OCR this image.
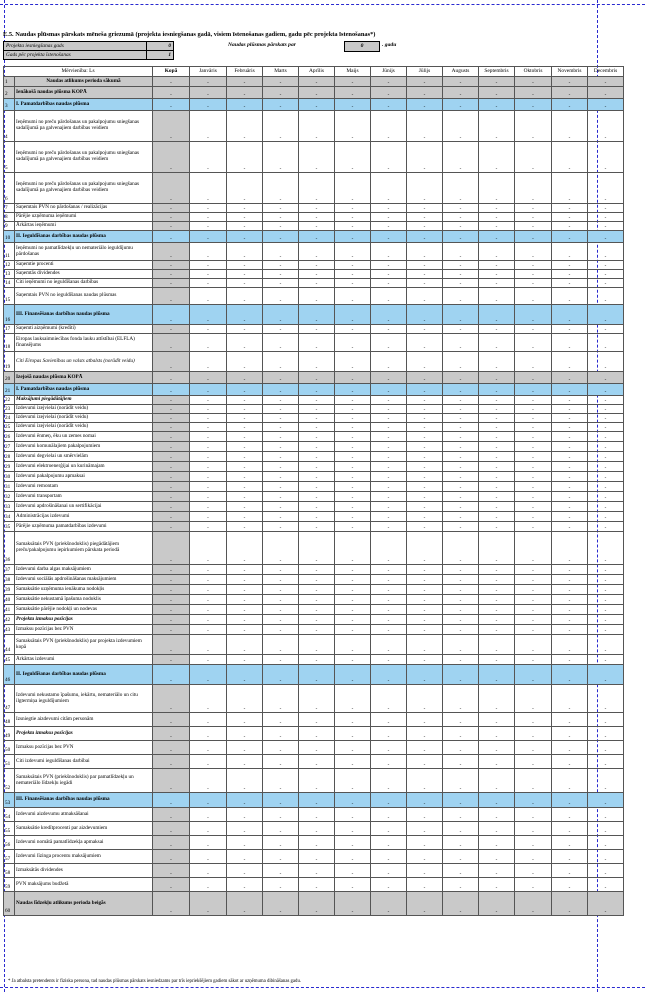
E.5. Naudas plūsmas pārskats mēneša griezumā (projekta iesniegšanas gadā, visiem īstenošanas gadiem, gadu pēc projekta īstenošanas*)
Projekta iesniegšanas gads	0
Gads pēc projekta īstenošanas	1
Naudas plūsmas pārskats par	0	. gadu
Mērvienība: Ls		Kopā	Janvāris	Februāris	Marts	Aprīlis	Maijs	Jūnijs	Jūlijs	Augusts	Septembris	Oktobris	Novembris	Decembris
1	Naudas atlikums perioda sākumā	-	-	-	-	-	-	-	-	-	-	-	-	-
2	Ienākošā naudas plūsma KOPĀ	-	-	-	-	-	-	-	-	-	-	-	-	-
3	I. Pamatdarbības naudas plūsma	-	-	-	-	-	-	-	-	-	-	-	-	-
4	Ieņēmumi no preču pārdošanas un pakalpojumu sniegšanas sadalījumā pa galvenajiem darbības veidiem	-	-	-	-	-	-	-	-	-	-	-	-	-
5	Ieņēmumi no preču pārdošanas un pakalpojumu sniegšanas sadalījumā pa galvenajiem darbības veidiem	-	-	-	-	-	-	-	-	-	-	-	-	-
6	Ieņēmumi no preču pārdošanas un pakalpojumu sniegšanas sadalījumā pa galvenajiem darbības veidiem	-	-	-	-	-	-	-	-	-	-	-	-	-
7	Saņemtais PVN no pārdošanas / realizācijas	-	-	-	-	-	-	-	-	-	-	-	-	-
8	Pārējie uzņēmuma ieņēmumi	-	-	-	-	-	-	-	-	-	-	-	-	-
9	Ārkārtas ieņēmumi	-	-	-	-	-	-	-	-	-	-	-	-	-
10	II. Ieguldīšanas darbības naudas plūsma	-	-	-	-	-	-	-	-	-	-	-	-	-
11	Ieņēmumi no pamatlīdzekļu un nemateriālo ieguldījumu pārdošanas	-	-	-	-	-	-	-	-	-	-	-	-	-
12	Saņemtie procenti	-	-	-	-	-	-	-	-	-	-	-	-	-
13	Saņemtās dividendes	-	-	-	-	-	-	-	-	-	-	-	-	-
14	Citi ieņēmumi no ieguldīšanas darbības	-	-	-	-	-	-	-	-	-	-	-	-	-
15	Saņemtais PVN no ieguldīšanas naudas plūsmas	-	-	-	-	-	-	-	-	-	-	-	-	-
16	III. Finansēšanas darbības naudas plūsma	-	-	-	-	-	-	-	-	-	-	-	-	-
17	Saņemti aizņēmumi (kredīti)	-	-	-	-	-	-	-	-	-	-	-	-	-
18	Eiropas lauksaimniecības fonda lauku attīstībai (ELFLA) finansējums	-	-	-	-	-	-	-	-	-	-	-	-	-
19	Citi Eiropas Savienības un valsts atbalsts (norādīt veidu)	-	-	-	-	-	-	-	-	-	-	-	-	-
20	Izejošā naudas plūsma KOPĀ	-	-	-	-	-	-	-	-	-	-	-	-	-
21	I. Pamatdarbības naudas plūsma	-	-	-	-	-	-	-	-	-	-	-	-	-
22	Maksājumi piegādātājiem	-	-	-	-	-	-	-	-	-	-	-	-	-
23	Izdevumi izejvielai (norādīt veidu)	-	-	-	-	-	-	-	-	-	-	-	-	-
24	Izdevumi izejvielai (norādīt veidu)	-	-	-	-	-	-	-	-	-	-	-	-	-
25	Izdevumi izejvielai (norādīt veidu)	-	-	-	-	-	-	-	-	-	-	-	-	-
26	Izdevumi ēnmeņ, ēku un zemes nomai	-	-	-	-	-	-	-	-	-	-	-	-	-
27	Izdevumi komunālajiem pakalpojumiem	-	-	-	-	-	-	-	-	-	-	-	-	-
28	Izdevumi degvielai un smērvielām	-	-	-	-	-	-	-	-	-	-	-	-	-
29	Izdevumi elektroenerģijai un kurināmajam	-	-	-	-	-	-	-	-	-	-	-	-	-
30	Izdevumi pakalpojumu apmaksai	-	-	-	-	-	-	-	-	-	-	-	-	-
31	Izdevumi remontam	-	-	-	-	-	-	-	-	-	-	-	-	-
32	Izdevumi transportam	-	-	-	-	-	-	-	-	-	-	-	-	-
33	Izdevumi apdrošināšanai un sertifikācijai	-	-	-	-	-	-	-	-	-	-	-	-	-
34	Administrācijas izdevumi	-	-	-	-	-	-	-	-	-	-	-	-	-
35	Pārējie uzņēmuma pamatdarbības izdevumi	-	-	-	-	-	-	-	-	-	-	-	-	-
36	Samaksātais PVN (priekšnodoklis) piegādātājiem preču/pakalpojumu iepirkumiem pārskata periodā	-	-	-	-	-	-	-	-	-	-	-	-	-
37	Izdevumi darba algas maksājumiem	-	-	-	-	-	-	-	-	-	-	-	-	-
38	Izdevumi sociālās apdrošināšanas maksājumiem	-	-	-	-	-	-	-	-	-	-	-	-	-
39	Samaksātie uzņēmuma ienākuma nodokļis	-	-	-	-	-	-	-	-	-	-	-	-	-
40	Samaksātie nekustamā īpašuma nodoklis	-	-	-	-	-	-	-	-	-	-	-	-	-
41	Samaksātie pārējie nodokļi un nodevas	-	-	-	-	-	-	-	-	-	-	-	-	-
42	Projekta izmaksu pozīcijas	-	-	-	-	-	-	-	-	-	-	-	-	-
43	Izmaksu pozīcijas bez PVN	-	-	-	-	-	-	-	-	-	-	-	-	-
44	Samaksātais PVN (priekšnodoklis) par projekta izdevumiem kopā	-	-	-	-	-	-	-	-	-	-	-	-	-
45	Ārkārtas izdevumi	-	-	-	-	-	-	-	-	-	-	-	-	-
46	II. Ieguldīšanas darbības naudas plūsma	-	-	-	-	-	-	-	-	-	-	-	-	-
47	Izdevumi nekustamo īpašumu, iekārtu, nemateriālo un citu ilgtermiņa ieguldījumiem	-	-	-	-	-	-	-	-	-	-	-	-	-
48	Izsniegtie aizdevumi citām personām	-	-	-	-	-	-	-	-	-	-	-	-	-
49	Projekta izmaksu pozīcijas	-	-	-	-	-	-	-	-	-	-	-	-	-
50	Izmaksu pozīcijas bez PVN	-	-	-	-	-	-	-	-	-	-	-	-	-
51	Citi izdevumi ieguldīšanas darbībai	-	-	-	-	-	-	-	-	-	-	-	-	-
52	Samaksātais PVN (priekšnodoklis) par pamatlīdzekļu un nemateriālo līdzekļu iegādi	-	-	-	-	-	-	-	-	-	-	-	-	-
53	III. Finansēšanas darbības naudas plūsma	-	-	-	-	-	-	-	-	-	-	-	-	-
54	Izdevumi aizdevumu atmaksāšanai	-	-	-	-	-	-	-	-	-	-	-	-	-
55	Samaksātie kredītprocenti par aizdevumiem	-	-	-	-	-	-	-	-	-	-	-	-	-
56	Izdevumi nomātā pamatlīdzekļa apmaksai	-	-	-	-	-	-	-	-	-	-	-	-	-
57	Izdevumi līzinga procentu maksājumiem	-	-	-	-	-	-	-	-	-	-	-	-	-
58	Izmaksātās dividendes	-	-	-	-	-	-	-	-	-	-	-	-	-
59	PVN maksājums budžetā	-	-	-	-	-	-	-	-	-	-	-	-	-
60	Naudas līdzekļu atlikums perioda beigās	-	-	-	-	-	-	-	-	-	-	-	-	-
* Ja atbalsta pretendents ir fiziska persona, tad naudas plūsmas pārskats iesniedzams par trīs iepriekšējiem gadiem sākot ar uzņēmuma dibināšanas gadu.
